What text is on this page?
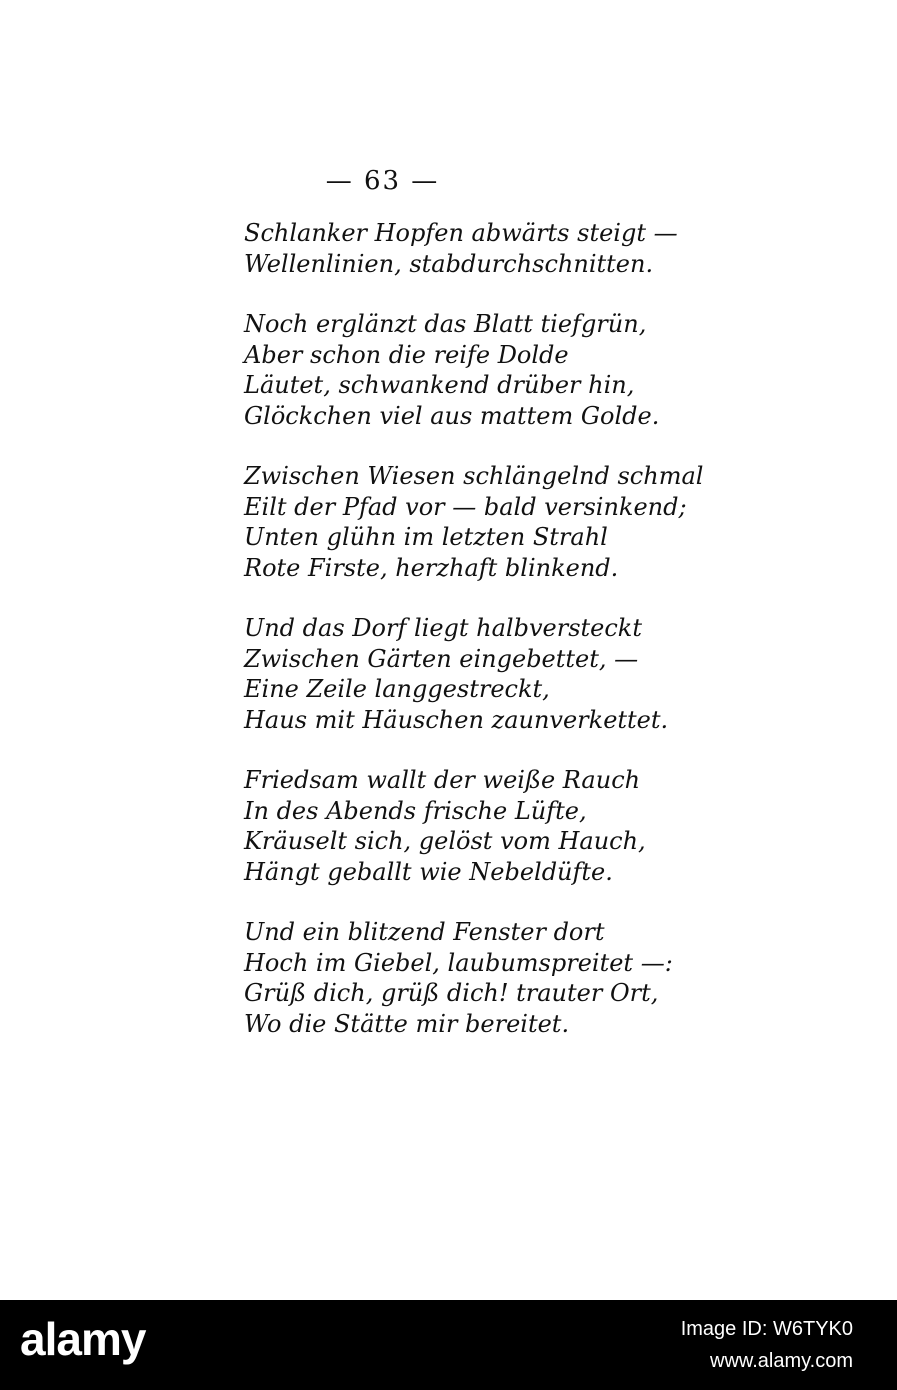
— 63 —
Schlanker Hopfen abwärts steigt —
Wellenlinien, stabdurchschnitten.
Noch erglänzt das Blatt tiefgrün,
Aber schon die reife Dolde
Läutet, schwankend drüber hin,
Glöckchen viel aus mattem Golde.
Zwischen Wiesen schlängelnd schmal
Eilt der Pfad vor — bald versinkend;
Unten glühn im letzten Strahl
Rote Firste, herzhaft blinkend.
Und das Dorf liegt halbversteckt
Zwischen Gärten eingebettet, —
Eine Zeile langgestreckt,
Haus mit Häuschen zaunverkettet.
Friedsam wallt der weiße Rauch
In des Abends frische Lüfte,
Kräuselt sich, gelöst vom Hauch,
Hängt geballt wie Nebeldüfte.
Und ein blitzend Fenster dort
Hoch im Giebel, laubumspreitet —:
Grüß dich, grüß dich! trauter Ort,
Wo die Stätte mir bereitet.
alamy	Image ID: W6TYK0
www.alamy.com
